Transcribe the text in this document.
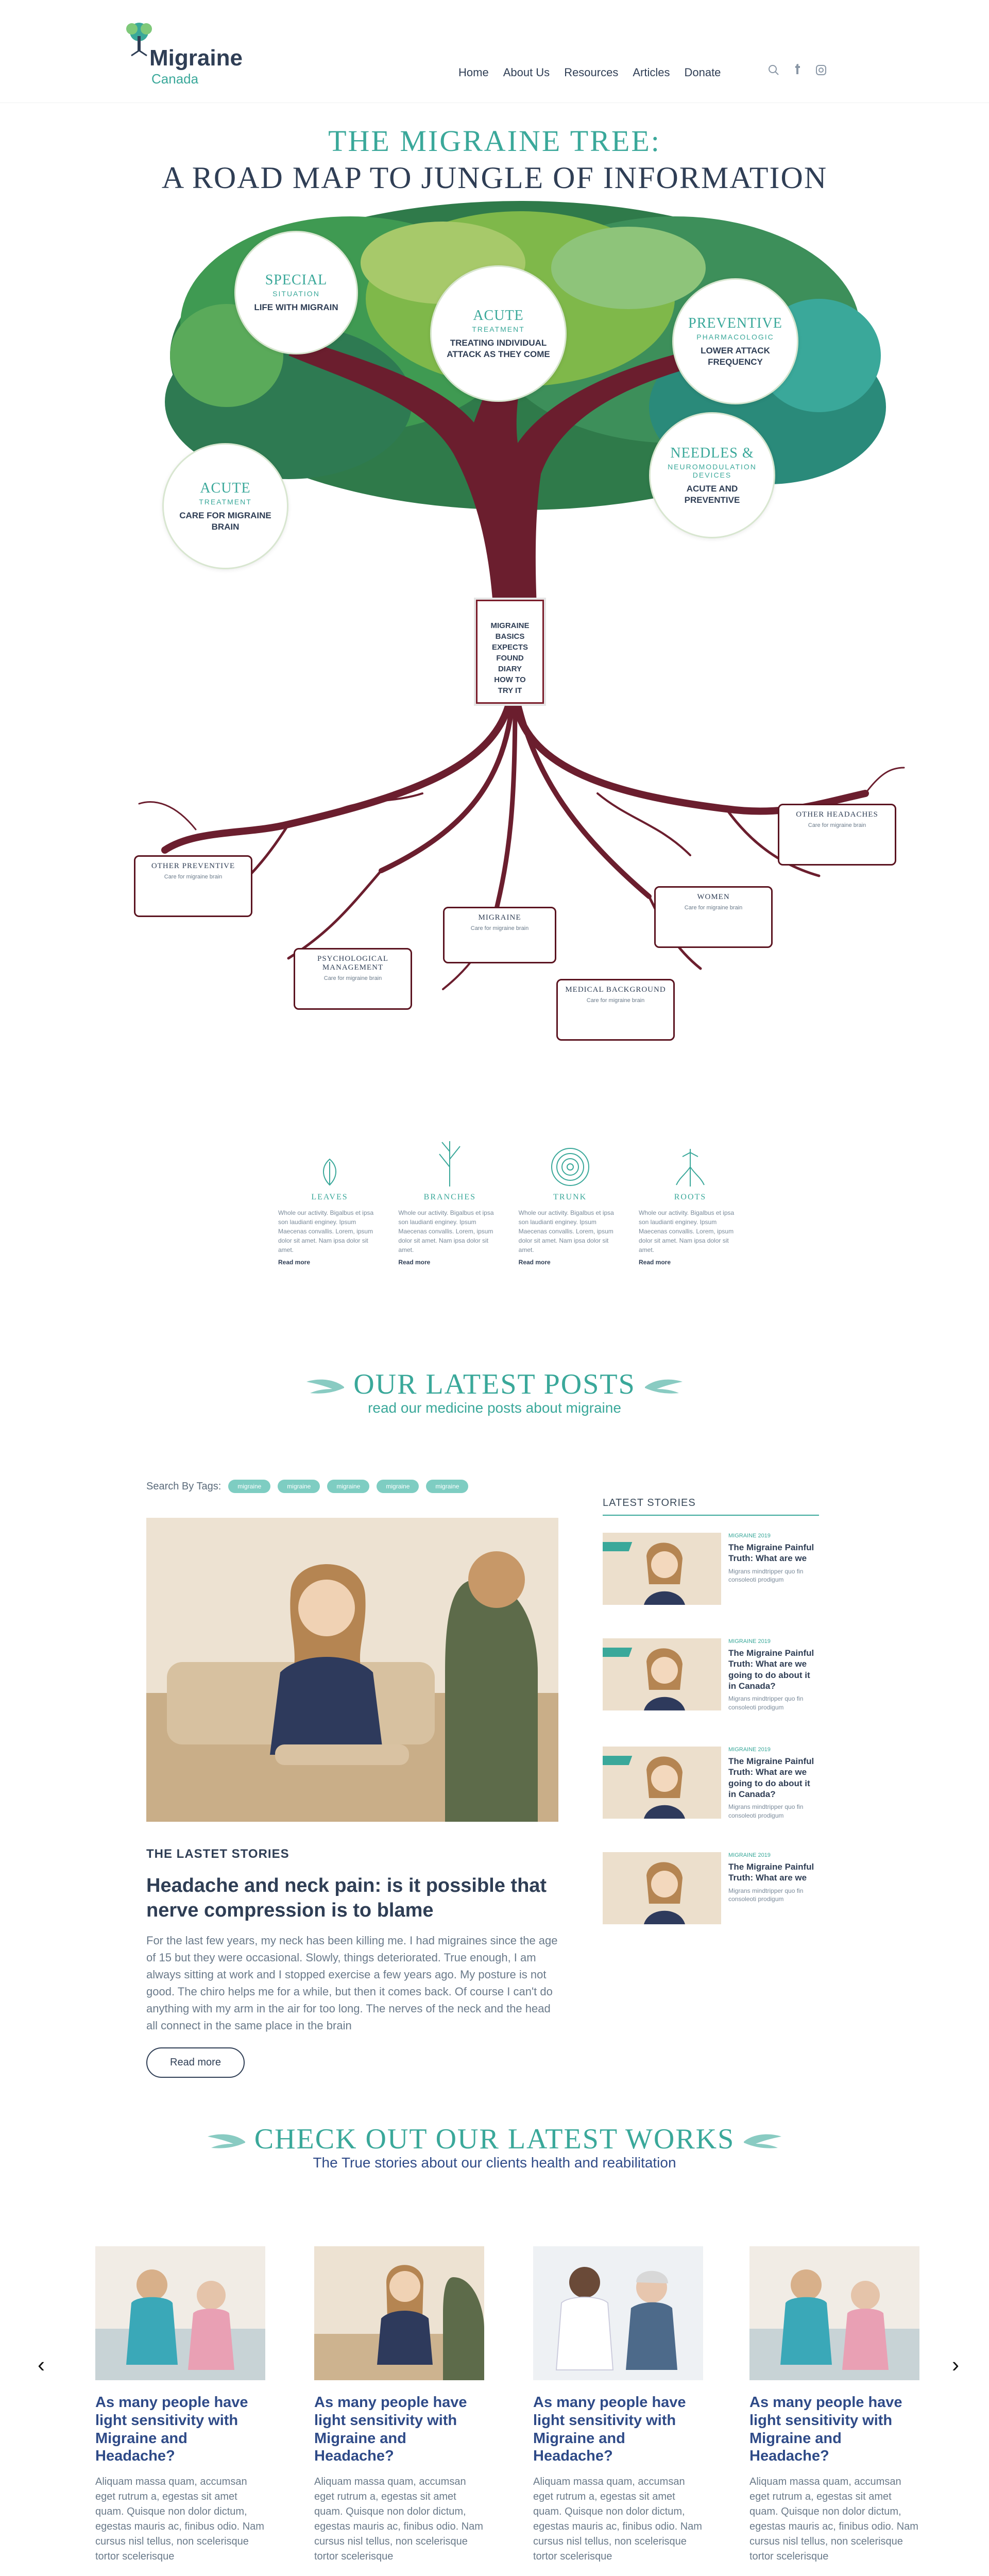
Migraine
Canada	Home About Us Resources Articles Donate
THE MIGRAINE TREE:
A ROAD MAP TO JUNGLE OF INFORMATION
SPECIAL
SITUATION
LIFE WITH MIGRAIN
ACUTE
TREATMENT
TREATING INDIVIDUAL ATTACK AS THEY COME
PREVENTIVE
PHARMACOLOGIC
LOWER ATTACK FREQUENCY
ACUTE
TREATMENT
CARE FOR MIGRAINE BRAIN
NEEDLES &
NEUROMODULATION DEVICES
ACUTE AND PREVENTIVE
MIGRAINE
BASICS
EXPECTS
FOUND
DIARY
HOW TO
TRY IT
OTHER PREVENTIVE
Care for migraine brain
PSYCHOLOGICAL MANAGEMENT
Care for migraine brain
MIGRAINE
Care for migraine brain
MEDICAL BACKGROUND
Care for migraine brain
WOMEN
Care for migraine brain
OTHER HEADACHES
Care for migraine brain
LEAVES
Whole our activity. Bigalbus et ipsa son laudianti enginey. Ipsum Maecenas convallis. Lorem, ipsum dolor sit amet. Nam ipsa dolor sit amet.
Read more
BRANCHES
Whole our activity. Bigalbus et ipsa son laudianti enginey. Ipsum Maecenas convallis. Lorem, ipsum dolor sit amet. Nam ipsa dolor sit amet.
Read more
TRUNK
Whole our activity. Bigalbus et ipsa son laudianti enginey. Ipsum Maecenas convallis. Lorem, ipsum dolor sit amet. Nam ipsa dolor sit amet.
Read more
ROOTS
Whole our activity. Bigalbus et ipsa son laudianti enginey. Ipsum Maecenas convallis. Lorem, ipsum dolor sit amet. Nam ipsa dolor sit amet.
Read more
OUR LATEST POSTS
read our medicine posts about migraine
Search By Tags:	migraine	migraine	migraine	migraine	migraine
THE LASTET STORIES
Headache and neck pain: is it possible that nerve compression is to blame
For the last few years, my neck has been killing me. I had migraines since the age of 15 but they were occasional. Slowly, things deteriorated. True enough, I am always sitting at work and I stopped exercise a few years ago. My posture is not good. The chiro helps me for a while, but then it comes back. Of course I can't do anything with my arm in the air for too long. The nerves of the neck and the head all connect in the same place in the brain
Read more
LATEST STORIES
MIGRAINE 2019
The Migraine Painful Truth: What are we
Migrans mindtripper quo fin consoleoti prodigum
MIGRAINE 2019
The Migraine Painful Truth: What are we going to do about it in Canada?
Migrans mindtripper quo fin consoleoti prodigum
MIGRAINE 2019
The Migraine Painful Truth: What are we going to do about it in Canada?
Migrans mindtripper quo fin consoleoti prodigum
MIGRAINE 2019
The Migraine Painful Truth: What are we
Migrans mindtripper quo fin consoleoti prodigum
CHECK OUT OUR LATEST WORKS
The True stories about our clients health and reabilitation
‹	›
As many people have light sensitivity with Migraine and Headache?
Aliquam massa quam, accumsan eget rutrum a, egestas sit amet quam. Quisque non dolor dictum, egestas mauris ac, finibus odio. Nam cursus nisl tellus, non scelerisque tortor scelerisque
As many people have light sensitivity with Migraine and Headache?
Aliquam massa quam, accumsan eget rutrum a, egestas sit amet quam. Quisque non dolor dictum, egestas mauris ac, finibus odio. Nam cursus nisl tellus, non scelerisque tortor scelerisque
As many people have light sensitivity with Migraine and Headache?
Aliquam massa quam, accumsan eget rutrum a, egestas sit amet quam. Quisque non dolor dictum, egestas mauris ac, finibus odio. Nam cursus nisl tellus, non scelerisque tortor scelerisque
As many people have light sensitivity with Migraine and Headache?
Aliquam massa quam, accumsan eget rutrum a, egestas sit amet quam. Quisque non dolor dictum, egestas mauris ac, finibus odio. Nam cursus nisl tellus, non scelerisque tortor scelerisque
